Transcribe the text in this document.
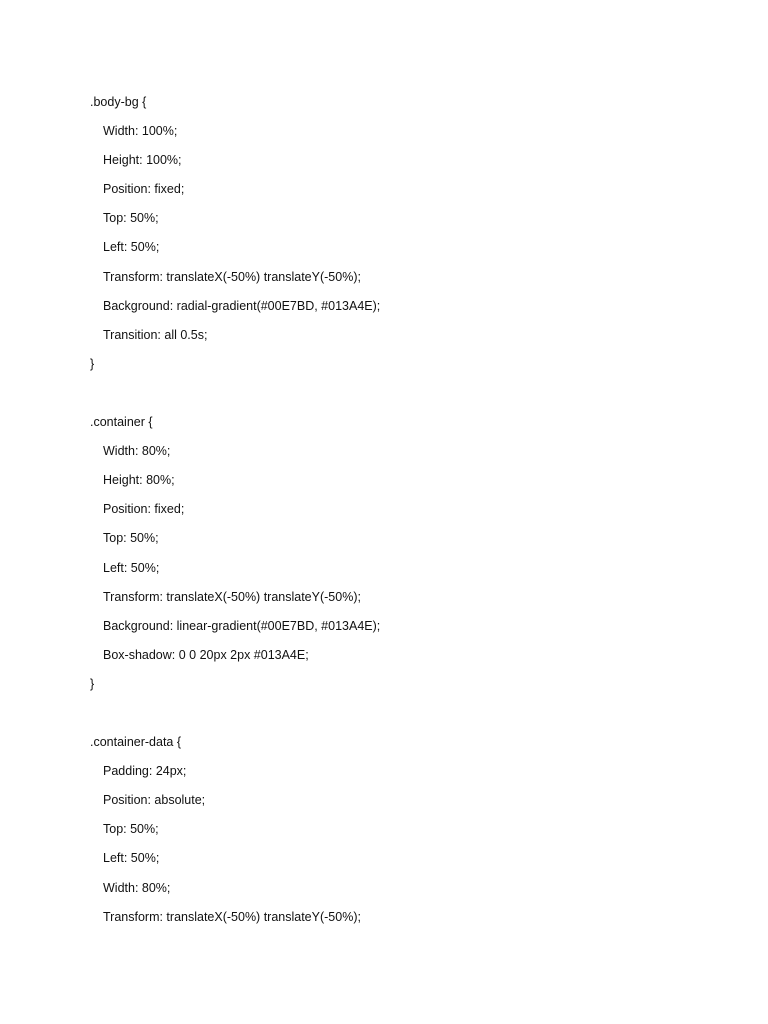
.body-bg {
Width: 100%;
Height: 100%;
Position: fixed;
Top: 50%;
Left: 50%;
Transform: translateX(-50%) translateY(-50%);
Background: radial-gradient(#00E7BD, #013A4E);
Transition: all 0.5s;
}
.container {
Width: 80%;
Height: 80%;
Position: fixed;
Top: 50%;
Left: 50%;
Transform: translateX(-50%) translateY(-50%);
Background: linear-gradient(#00E7BD, #013A4E);
Box-shadow: 0 0 20px 2px #013A4E;
}
.container-data {
Padding: 24px;
Position: absolute;
Top: 50%;
Left: 50%;
Width: 80%;
Transform: translateX(-50%) translateY(-50%);
